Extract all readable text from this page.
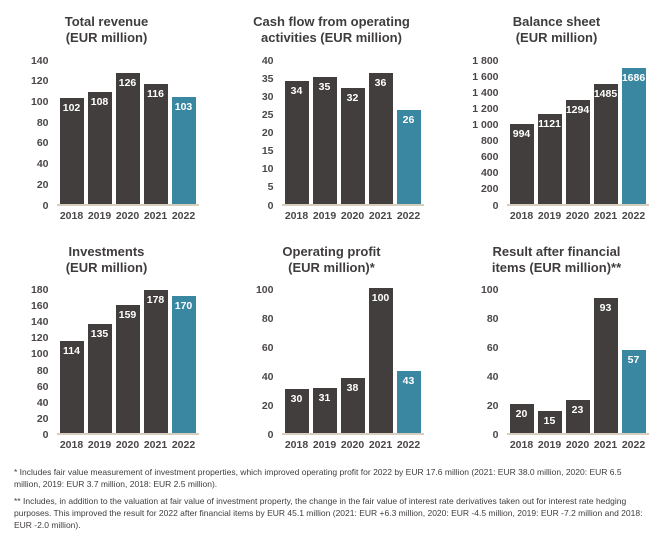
Total revenue
(EUR million)
140
120
100
80
60
40
20
0
102 108
126
116
103
2018 2019 2020 2021 2022
Cash flow from operating
activities (EUR million)
40
35
30
25
20
15
10
5
0
34 35
32
36
26
2018 2019 2020 2021 2022
Balance sheet
(EUR million)
1 800
1 600
1 400
1 200
1 000
800
600
400
200
0
994
1121
1294
1485
1686
2018 2019 2020 2021 2022
Investments
(EUR million)
180
160
140
120
100
80
60
40
20
0
114
135
159
178 170
2018 2019 2020 2021 2022
Operating profit
(EUR million)*
100
80
60
40
20
0
30 31
38
100
43
2018 2019 2020 2021 2022
Result after financial
items (EUR million)**
100
80
60
40
20
0
20
15
23
93
57
2018 2019 2020 2021 2022

* Includes fair value measurement of investment properties, which improved operating profit for 2022 by EUR 17.6 million (2021: EUR 38.0 million, 2020: EUR 6.5 million, 2019: EUR 3.7 million, 2018: EUR 2.5 million).

** Includes, in addition to the valuation at fair value of investment property, the change in the fair value of interest rate derivatives taken out for interest rate hedging purposes. This improved the result for 2022 after financial items by EUR 45.1 million (2021: EUR +6.3 million, 2020: EUR -4.5 million, 2019: EUR -7.2 million and 2018: EUR -2.0 million).
